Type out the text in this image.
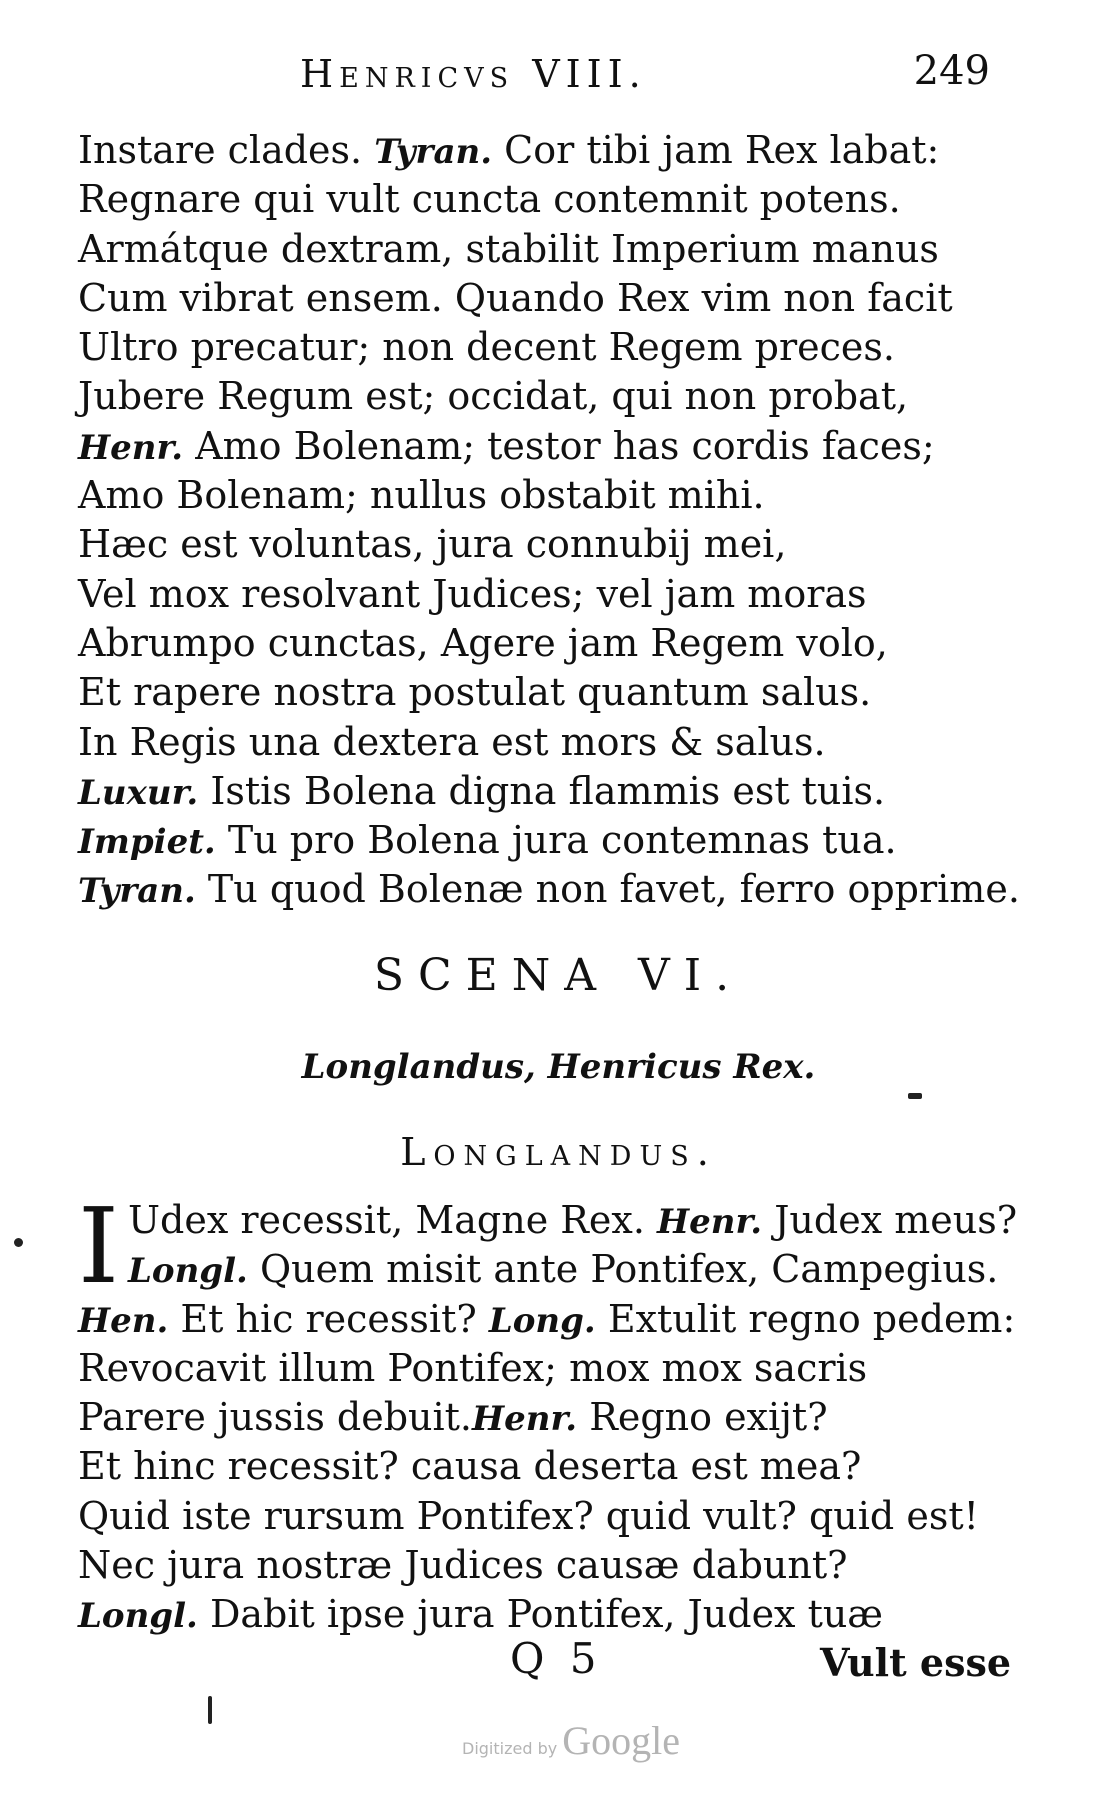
Henricvs VIII.	249
Instare clades. Tyran. Cor tibi jam Rex labat:
Regnare qui vult cuncta contemnit potens.
Armátque dextram, stabilit Imperium manus
Cum vibrat ensem. Quando Rex vim non facit
Ultro precatur; non decent Regem preces.
Jubere Regum est; occidat, qui non probat,
Henr. Amo Bolenam; testor has cordis faces;
Amo Bolenam; nullus obstabit mihi.
Hæc est voluntas, jura connubij mei,
Vel mox resolvant Judices; vel jam moras
Abrumpo cunctas, Agere jam Regem volo,
Et rapere nostra postulat quantum salus.
In Regis una dextera est mors & salus.
Luxur. Istis Bolena digna flammis est tuis.
Impiet. Tu pro Bolena jura contemnas tua.
Tyran. Tu quod Bolenæ non favet, ferro opprime.
SCENA VI.
Longlandus, Henricus Rex.
Longlandus.
I Udex recessit, Magne Rex. Henr. Judex meus?
Longl. Quem misit ante Pontifex, Campegius.
Hen. Et hic recessit? Long. Extulit regno pedem:
Revocavit illum Pontifex; mox mox sacris
Parere jussis debuit.Henr. Regno exijt?
Et hinc recessit? causa deserta est mea?
Quid iste rursum Pontifex? quid vult? quid est!
Nec jura nostræ Judices causæ dabunt?
Longl. Dabit ipse jura Pontifex, Judex tuæ
Q 5	Vult esse
Digitized by Google
